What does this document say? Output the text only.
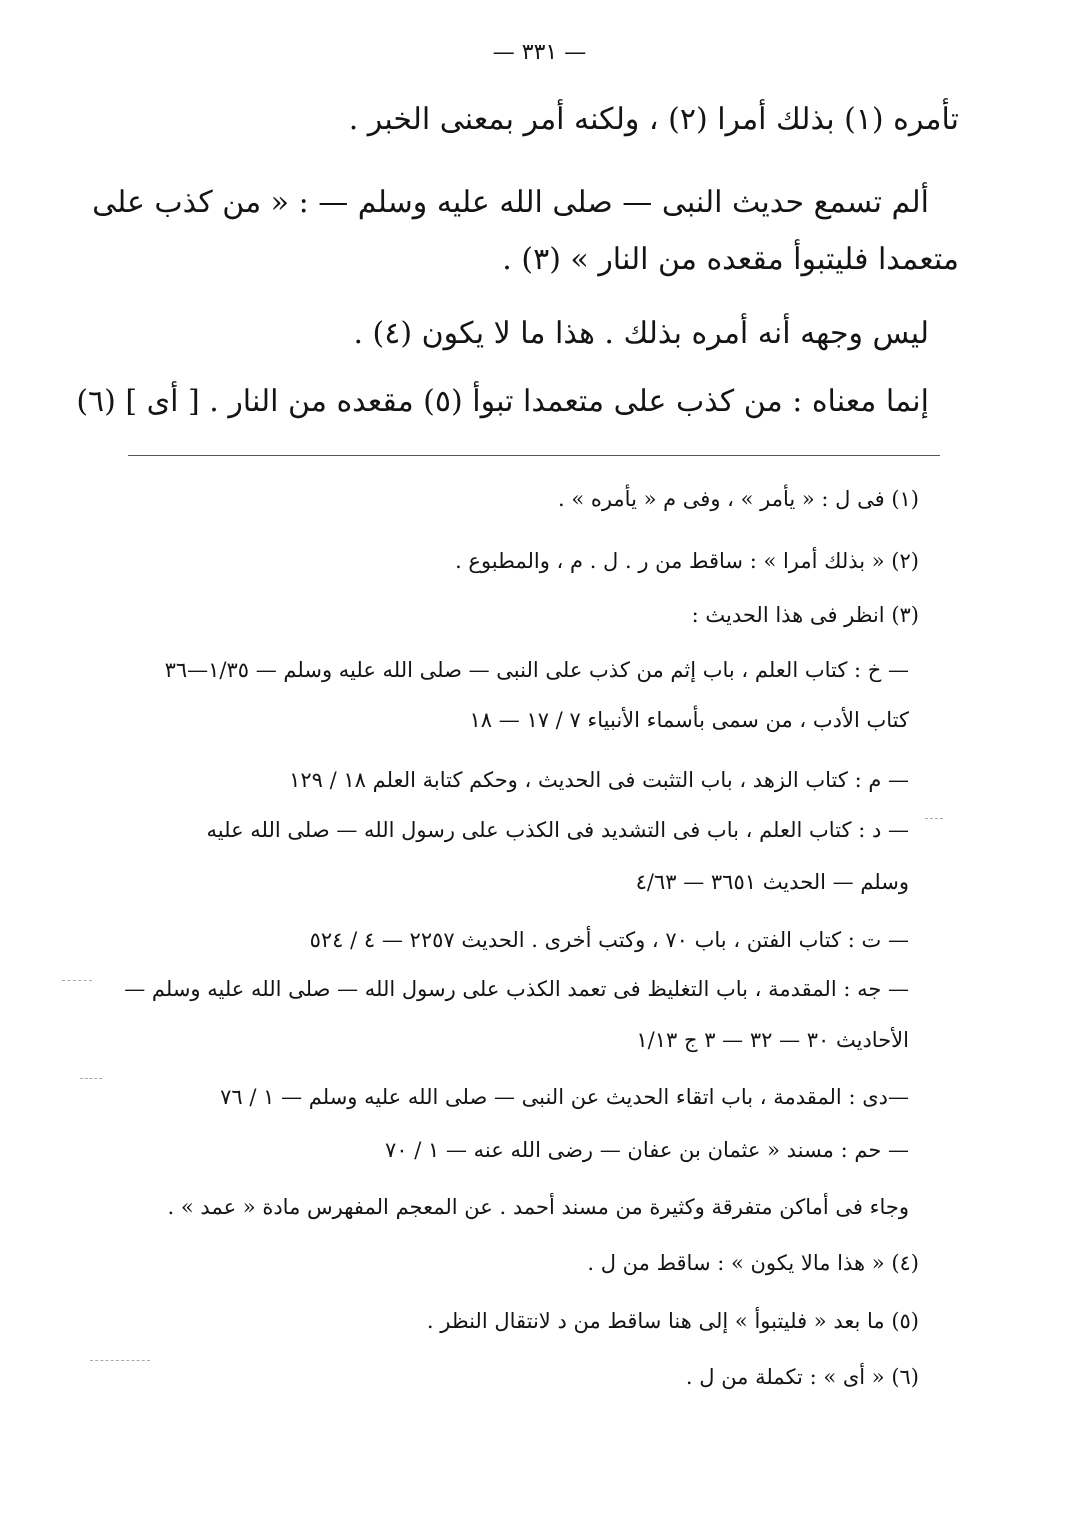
— ٣٣١ —
تأمره (١) بذلك أمرا (٢) ، ولكنه أمر بمعنى الخبر .
ألم تسمع حديث النبى — صلى الله عليه وسلم — : « من كذب على
متعمدا فليتبوأ مقعده من النار » (٣) .
ليس وجهه أنه أمره بذلك . هذا ما لا يكون (٤) .
إنما معناه : من كذب على متعمدا تبوأ (٥) مقعده من النار . [ أى ] (٦)
(١) فى ل : « يأمر » ، وفى م « يأمره » .
(٢) « بذلك أمرا » : ساقط من ر . ل . م ، والمطبوع .
(٣) انظر فى هذا الحديث :
— خ : كتاب العلم ، باب إثم من كذب على النبى — صلى الله عليه وسلم — ١/٣٥—٣٦
كتاب الأدب ، من سمى بأسماء الأنبياء ٧ / ١٧ — ١٨
— م : كتاب الزهد ، باب التثبت فى الحديث ، وحكم كتابة العلم ١٨ / ١٢٩
— د : كتاب العلم ، باب فى التشديد فى الكذب على رسول الله — صلى الله عليه
وسلم — الحديث ٣٦٥١ — ٤/٦٣
— ت : كتاب الفتن ، باب ٧٠ ، وكتب أخرى . الحديث ٢٢٥٧ — ٤ / ٥٢٤
— جه : المقدمة ، باب التغليظ فى تعمد الكذب على رسول الله — صلى الله عليه وسلم —
الأحاديث ٣٠ — ٣٢ — ٣ ج ١/١٣
—دى : المقدمة ، باب اتقاء الحديث عن النبى — صلى الله عليه وسلم — ١ / ٧٦
— حم : مسند « عثمان بن عفان — رضى الله عنه — ١ / ٧٠
وجاء فى أماكن متفرقة وكثيرة من مسند أحمد . عن المعجم المفهرس مادة « عمد » .
(٤) « هذا مالا يكون » : ساقط من ل .
(٥) ما بعد « فليتبوأ » إلى هنا ساقط من د لانتقال النظر .
(٦) « أى » : تكملة من ل .
